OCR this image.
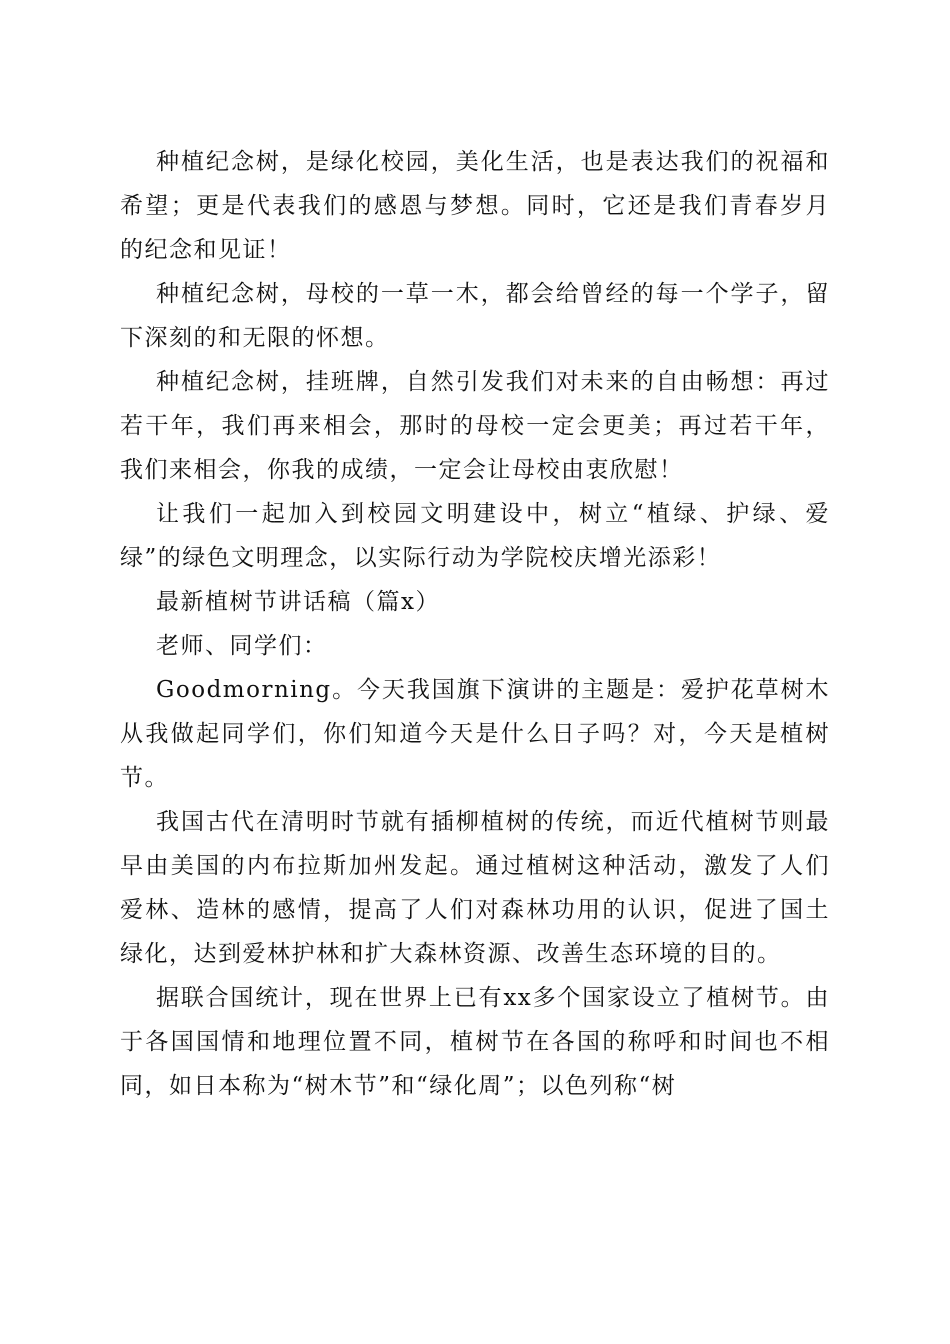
种植纪念树，是绿化校园，美化生活，也是表达我们的祝福和希望；更是代表我们的感恩与梦想。同时，它还是我们青春岁月的纪念和见证！

种植纪念树，母校的一草一木，都会给曾经的每一个学子，留下深刻的和无限的怀想。

种植纪念树，挂班牌，自然引发我们对未来的自由畅想：再过若干年，我们再来相会，那时的母校一定会更美；再过若干年，我们来相会，你我的成绩，一定会让母校由衷欣慰！

让我们一起加入到校园文明建设中，树立“植绿、护绿、爱绿”的绿色文明理念，以实际行动为学院校庆增光添彩！

最新植树节讲话稿（篇x）

老师、同学们：

Goodmorning。今天我国旗下演讲的主题是：爱护花草树木从我做起同学们，你们知道今天是什么日子吗？对，今天是植树节。

我国古代在清明时节就有插柳植树的传统，而近代植树节则最早由美国的内布拉斯加州发起。通过植树这种活动，激发了人们爱林、造林的感情，提高了人们对森林功用的认识，促进了国土绿化，达到爱林护林和扩大森林资源、改善生态环境的目的。

据联合国统计，现在世界上已有xx多个国家设立了植树节。由于各国国情和地理位置不同，植树节在各国的称呼和时间也不相同，如日本称为“树木节”和“绿化周”；以色列称“树
